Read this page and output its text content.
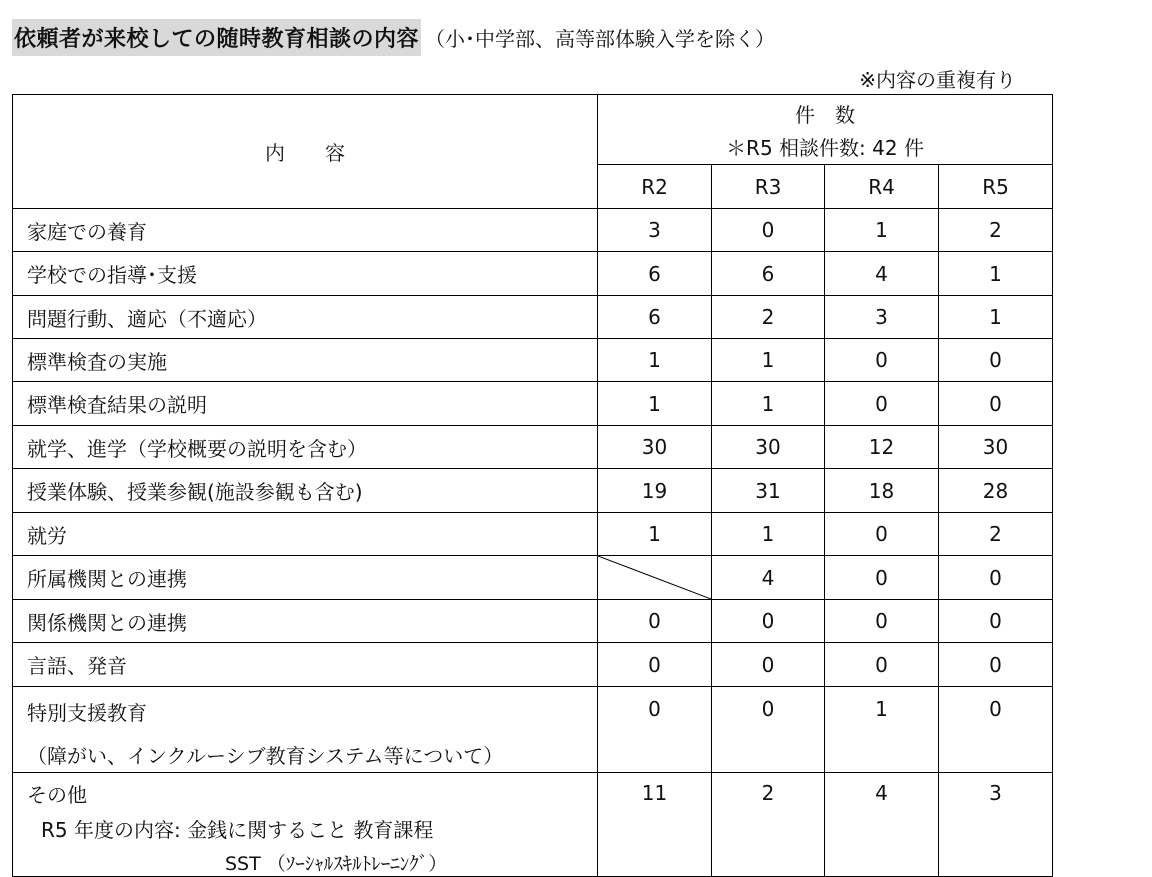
依頼者が来校しての随時教育相談の内容 （小･中学部、高等部体験入学を除く）
※内容の重複有り
内　　容	件　数
＊R5 相談件数: 42 件			

	R2	R3	R4	R5
家庭での養育	3	0	1	2
学校での指導･支援	6	6	4	1
問題行動、適応（不適応）	6	2	3	1
標準検査の実施	1	1	0	0
標準検査結果の説明	1	1	0	0
就学、進学（学校概要の説明を含む）	30	30	12	30
授業体験、授業参観(施設参観も含む)	19	31	18	28
就労	1	1	0	2
所属機関との連携		4	0	0
関係機関との連携	0	0	0	0
言語、発音	0	0	0	0

特別支援教育
（障がい、インクルーシブ教育システム等について）	0	0	1	0

その他
R5 年度の内容: 金銭に関すること 教育課程
SST （ｿｰｼｬﾙｽｷﾙﾄﾚｰﾆﾝｸﾞ）	11	2	4	3
